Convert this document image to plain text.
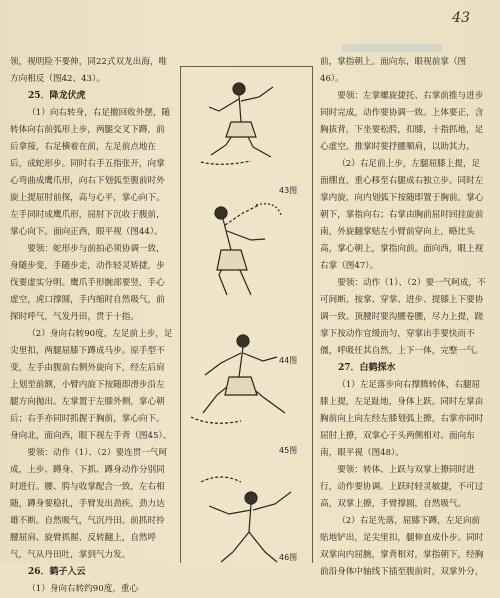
43

领，视明险不要伸，同22式双龙出海，唯方向相反（图42、43）。

25．降龙伏虎

（1）向右转身，右足撤回收外摆，随转体向右前弧形上步，两腿交叉下蹲，前后拿接，右足横着在前，左足前点地在后，成蛇形步。同时右手五指张开，向掌心弯曲成鹰爪形，向右下划弧至腹前时外旋上提屈肘前探，高与心平，掌心向下。左手同时成鹰爪形，屈肘下沉收于腹前，掌心向下。面向正西，眼平视（图44）。

要领：蛇形步与前拍必须协调一致，身随步变，手随步走，动作轻灵矫捷，步伐要虚实分明。鹰爪手形腕部要竖，手心虚空，虎口撑圆，手内缩时自然吸气，前探时呼气，气发丹田，贯于十指。

（2）身向右转90度，左足前上步，足尖里扣，两腿屈膝下蹲成马步。原手型不变，左手由腹前右侧外旋向下，经左后肩上划至前额，小臂内旋下按随即滑步沿左腿方向抛出。左掌置于左膝外侧，掌心朝后；右手亦同时抓握于胸前，掌心向下。身向北，面向西，眼下视左手背（图45）。

要领：动作（1）、（2）要连贯一气呵成，上步、蹲身、下抓、蹲身动作分别同时进行。腰、胯与收掌配合一致，左右相随，蹲身要稳扎，手臂发出劲疾，劲力达雄不断。自然吸气，气沉丹田。前抓时拎腰屈肩、旋臂抓握、反转翻上，自然呼气，气从丹田吐，掌到气力发。

26．鹤子入云

（1）身向右转约90度，重心

43图
44图
45图
46图

前，掌指朝上。面向东，眼视前掌（图46）。

要领：左掌螺旋捷托、右掌前推与进步同时完成，动作要协调一致。上体要正，含胸拔背，下坐要松胯，扣膝，十指抓地，足心虚空。推掌时要抒腰顺肩，以助其力。

（2）右足前上步，左腿屈膝上提，足面绷直，重心移至右腿成右独立步。同时左掌内旋，向内划弧下按随即置于胸前。掌心朝下，掌指向右；右掌由胸前屈时回挂旋前南，外旋翻掌贴左小臂前穿向上，略比头高，掌心朝上，掌指向前。面向西，眼上视右掌（图47）。

要领：动作（1）、（2）要一气呵成，不可间断。按掌、穿掌、进步、提膝上下要协调一致。顶腰时要沟腰卷腰，尽力上提，蹉掌下按动作宜缓而匀，穿掌出手要快而不僵，呼吸任其自然，上下一体，完整一气。

27．白鹤探水

（1）左足落步向右撑腾转体，右腿屈膝上提，左足趾地，身体上跃。同时左掌由胸前向上向左经左膝划弧上撩，右掌亦同时屈肘上撩，双掌心于头两侧相对。面向东南，眼平视（图48）。

要领：转体、上跃与双掌上撩同时进行，动作要协调。上跃时轻灵敏捷，不可过高，双掌上撩，手臂撑圆，自然吸气。

（2）右足先落，屈膝下蹲，左足向前贴地铲出，足尖里扣，腿伸直成仆步。同时双掌向内屈腕，掌背相对，掌指朝下，经胸前沿身体中轴线下插至腹前时，双掌外分，
